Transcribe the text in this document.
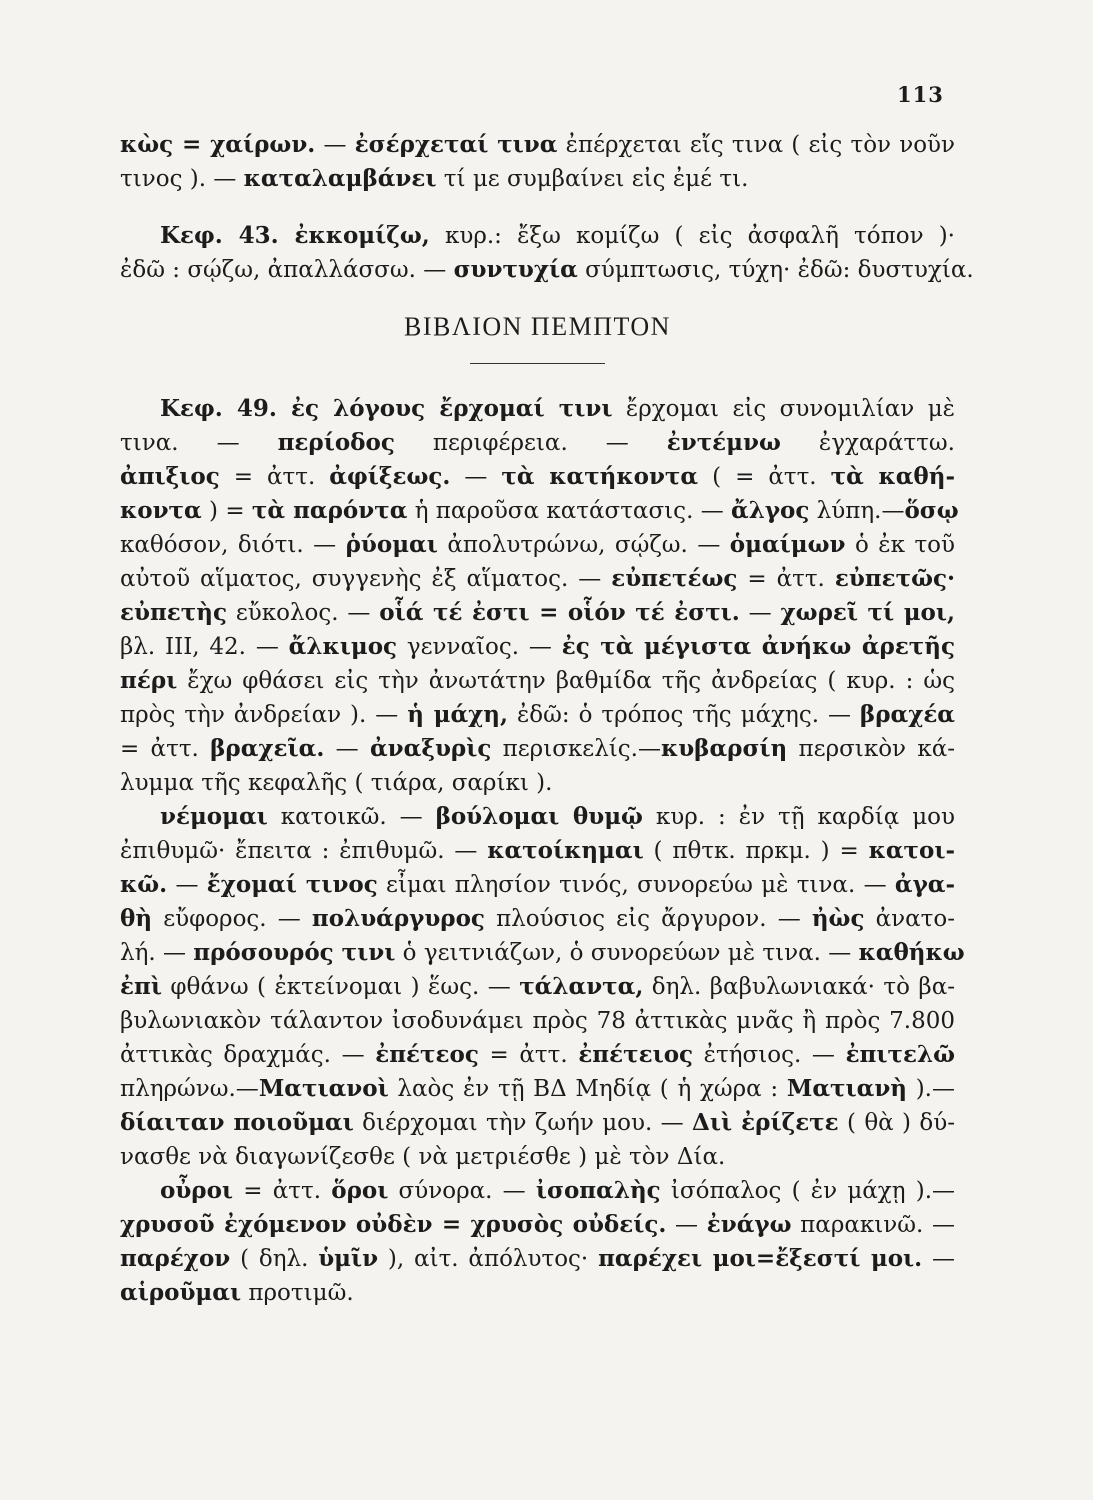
113
κὼς = χαίρων. — ἐσέρχεταί τινα ἐπέρχεται εἴς τινα ( εἰς τὸν νοῦν
τινος ). — καταλαμβάνει τί με συμβαίνει εἰς ἐμέ τι.
Κεφ. 43. ἐκκομίζω, κυρ.: ἔξω κομίζω ( εἰς ἀσφαλῆ τόπον )·
ἐδῶ : σῴζω, ἀπαλλάσσω. — συντυχία σύμπτωσις, τύχη· ἐδῶ: δυστυχία.
ΒΙΒΛΙΟΝ ΠΕΜΠΤΟΝ
Κεφ. 49. ἐς λόγους ἔρχομαί τινι ἔρχομαι εἰς συνομιλίαν μὲ
τινα. — περίοδος περιφέρεια. — ἐντέμνω ἐγχαράττω.
ἀπιξιος = ἀττ. ἀφίξεως. — τὰ κατήκοντα ( = ἀττ. τὰ καθή-
κοντα ) = τὰ παρόντα ἡ παροῦσα κατάστασις. — ἄλγος λύπη.—ὅσῳ
καθόσον, διότι. — ῥύομαι ἀπολυτρώνω, σῴζω. — ὁμαίμων ὁ ἐκ τοῦ
αὐτοῦ αἵματος, συγγενὴς ἐξ αἵματος. — εὐπετέως = ἀττ. εὐπετῶς·
εὐπετὴς εὔκολος. — οἷά τέ ἐστι = οἷόν τέ ἐστι. — χωρεῖ τί μοι,
βλ. III, 42. — ἄλκιμος γενναῖος. — ἐς τὰ μέγιστα ἀνήκω ἀρετῆς
πέρι ἔχω φθάσει εἰς τὴν ἀνωτάτην βαθμίδα τῆς ἀνδρείας ( κυρ. : ὡς
πρὸς τὴν ἀνδρείαν ). — ἡ μάχη, ἐδῶ: ὁ τρόπος τῆς μάχης. — βραχέα
= ἀττ. βραχεῖα. — ἀναξυρὶς περισκελίς.—κυβαρσίη περσικὸν κά-
λυμμα τῆς κεφαλῆς ( τιάρα, σαρίκι ).
νέμομαι κατοικῶ. — βούλομαι θυμῷ κυρ. : ἐν τῇ καρδίᾳ μου
ἐπιθυμῶ· ἔπειτα : ἐπιθυμῶ. — κατοίκημαι ( πθτκ. πρκμ. ) = κατοι-
κῶ. — ἔχομαί τινος εἶμαι πλησίον τινός, συνορεύω μὲ τινα. — ἀγα-
θὴ εὔφορος. — πολυάργυρος πλούσιος εἰς ἄργυρον. — ἠὼς ἀνατο-
λή. — πρόσουρός τινι ὁ γειτνιάζων, ὁ συνορεύων μὲ τινα. — καθήκω
ἐπὶ φθάνω ( ἐκτείνομαι ) ἕως. — τάλαντα, δηλ. βαβυλωνιακά· τὸ βα-
βυλωνιακὸν τάλαντον ἰσοδυνάμει πρὸς 78 ἀττικὰς μνᾶς ἢ πρὸς 7.800
ἀττικὰς δραχμάς. — ἐπέτεος = ἀττ. ἐπέτειος ἐτήσιος. — ἐπιτελῶ
πληρώνω.—Ματιανοὶ λαὸς ἐν τῇ ΒΔ Μηδίᾳ ( ἡ χώρα : Ματιανὴ ).—
δίαιταν ποιοῦμαι διέρχομαι τὴν ζωήν μου. — Διὶ ἐρίζετε ( θὰ ) δύ-
νασθε νὰ διαγωνίζεσθε ( νὰ μετριέσθε ) μὲ τὸν Δία.
οὖροι = ἀττ. ὅροι σύνορα. — ἰσοπαλὴς ἰσόπαλος ( ἐν μάχῃ ).—
χρυσοῦ ἐχόμενον οὐδὲν = χρυσὸς οὐδείς. — ἐνάγω παρακινῶ. —
παρέχον ( δηλ. ὑμῖν ), αἰτ. ἀπόλυτος· παρέχει μοι=ἔξεστί μοι. —
αἱροῦμαι προτιμῶ.
